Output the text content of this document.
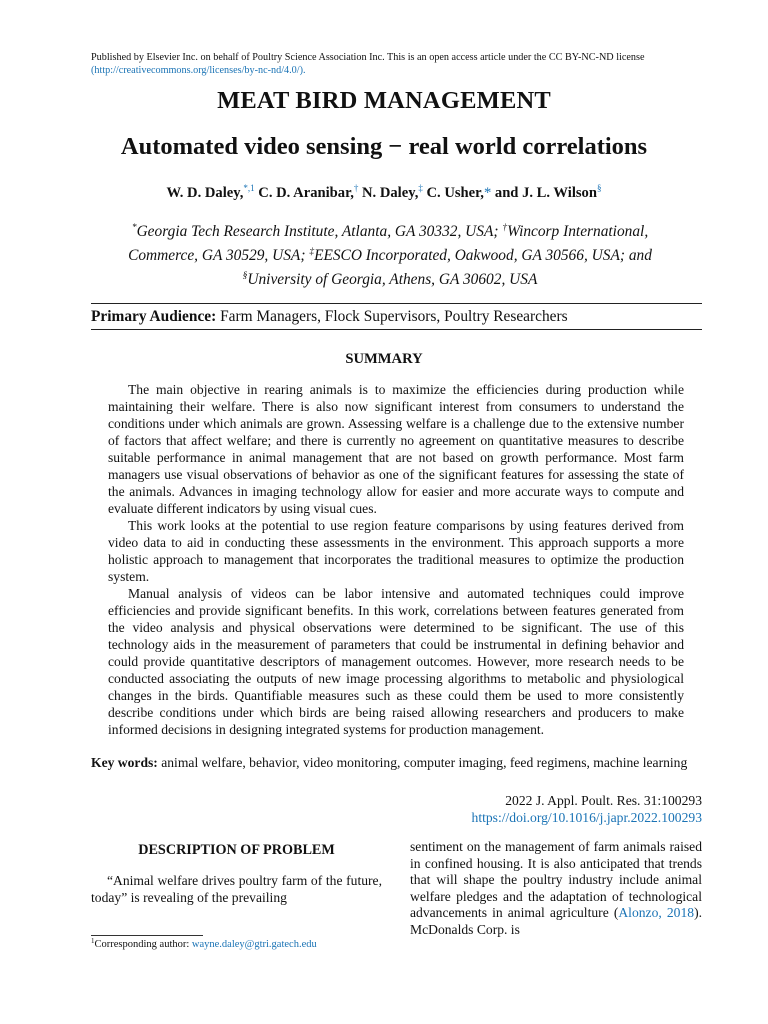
Published by Elsevier Inc. on behalf of Poultry Science Association Inc. This is an open access article under the CC BY-NC-ND license
(http://creativecommons.org/licenses/by-nc-nd/4.0/).
MEAT BIRD MANAGEMENT
Automated video sensing − real world correlations
W. D. Daley,$^{*,1}$ C. D. Aranibar,† N. Daley,‡ C. Usher,* and J. L. Wilson§
*Georgia Tech Research Institute, Atlanta, GA 30332, USA; †Wincorp International, Commerce, GA 30529, USA; ‡EESCO Incorporated, Oakwood, GA 30566, USA; and §University of Georgia, Athens, GA 30602, USA
Primary Audience: Farm Managers, Flock Supervisors, Poultry Researchers
SUMMARY

The main objective in rearing animals is to maximize the efficiencies during production while maintaining their welfare. There is also now significant interest from consumers to understand the conditions under which animals are grown. Assessing welfare is a challenge due to the extensive number of factors that affect welfare; and there is currently no agreement on quantitative measures to describe suitable performance in animal management that are not based on growth performance. Most farm managers use visual observations of behavior as one of the significant features for assessing the state of the animals. Advances in imaging technology allow for easier and more accurate ways to compute and evaluate different indicators by using visual cues.

This work looks at the potential to use region feature comparisons by using features derived from video data to aid in conducting these assessments in the environment. This approach supports a more holistic approach to management that incorporates the traditional measures to optimize the production system.

Manual analysis of videos can be labor intensive and automated techniques could improve efficiencies and provide significant benefits. In this work, correlations between features generated from the video analysis and physical observations were determined to be significant. The use of this technology aids in the measurement of parameters that could be instrumental in defining behavior and could provide quantitative descriptors of management outcomes. However, more research needs to be conducted associating the outputs of new image processing algorithms to metabolic and physiological changes in the birds. Quantifiable measures such as these could them be used to more consistently describe conditions under which birds are being raised allowing researchers and producers to make informed decisions in designing integrated systems for production management.

Key words: animal welfare, behavior, video monitoring, computer imaging, feed regimens, machine learning
2022 J. Appl. Poult. Res. 31:100293
https://doi.org/10.1016/j.japr.2022.100293
DESCRIPTION OF PROBLEM

“Animal welfare drives poultry farm of the future, today” is revealing of the prevailing

sentiment on the management of farm animals raised in confined housing. It is also anticipated that trends that will shape the poultry industry include animal welfare pledges and the adaptation of technological advancements in animal agriculture (Alonzo, 2018). McDonalds Corp. is

$^1$Corresponding author: wayne.daley@gtri.gatech.edu
